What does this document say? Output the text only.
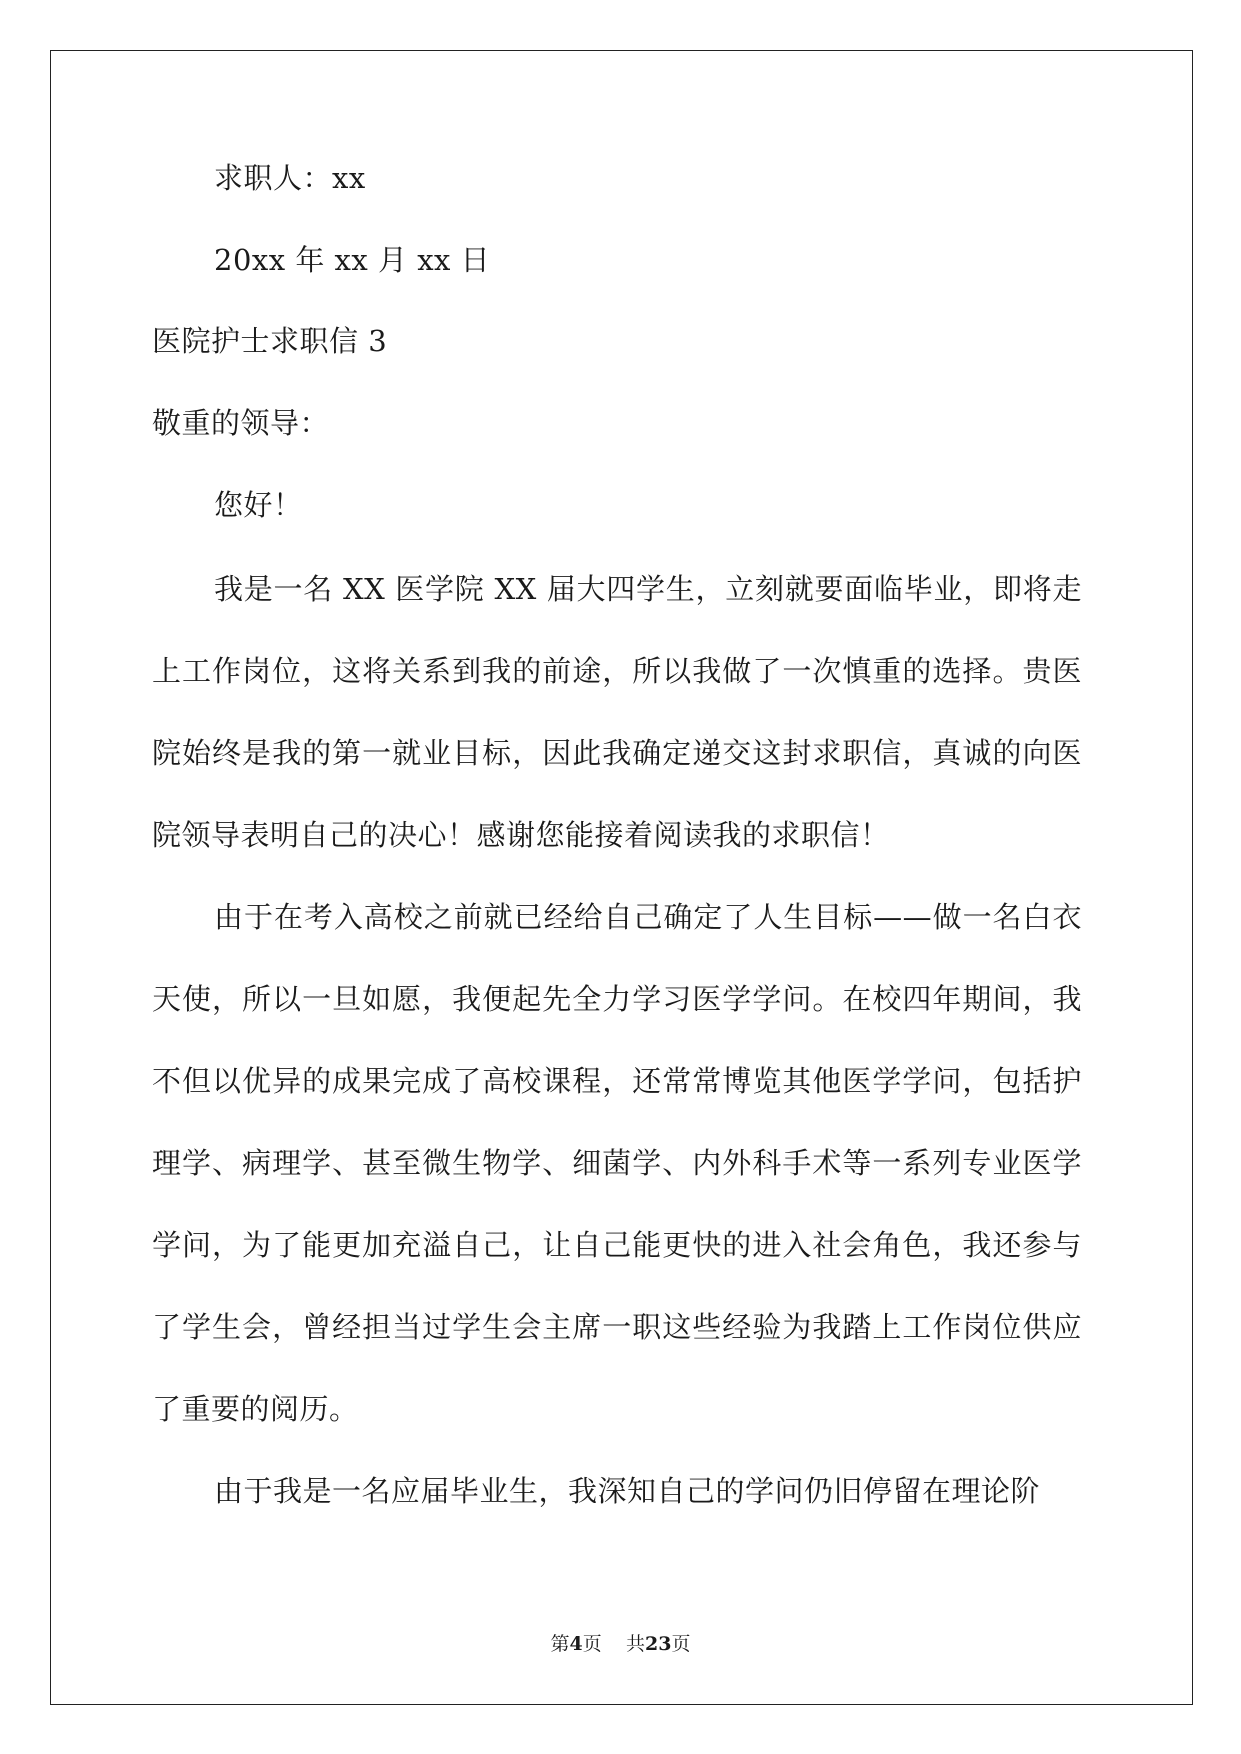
求职人：xx
20xx 年 xx 月 xx 日
医院护士求职信 3
敬重的领导：
您好！

我是一名 XX 医学院 XX 届大四学生，立刻就要面临毕业，即将走上工作岗位，这将关系到我的前途，所以我做了一次慎重的选择。贵医院始终是我的第一就业目标，因此我确定递交这封求职信，真诚的向医院领导表明自己的决心！感谢您能接着阅读我的求职信！

由于在考入高校之前就已经给自己确定了人生目标——做一名白衣天使，所以一旦如愿，我便起先全力学习医学学问。在校四年期间，我不但以优异的成果完成了高校课程，还常常博览其他医学学问，包括护理学、病理学、甚至微生物学、细菌学、内外科手术等一系列专业医学学问，为了能更加充溢自己，让自己能更快的进入社会角色，我还参与了学生会，曾经担当过学生会主席一职这些经验为我踏上工作岗位供应了重要的阅历。

由于我是一名应届毕业生，我深知自己的学问仍旧停留在理论阶

第4页 共23页
